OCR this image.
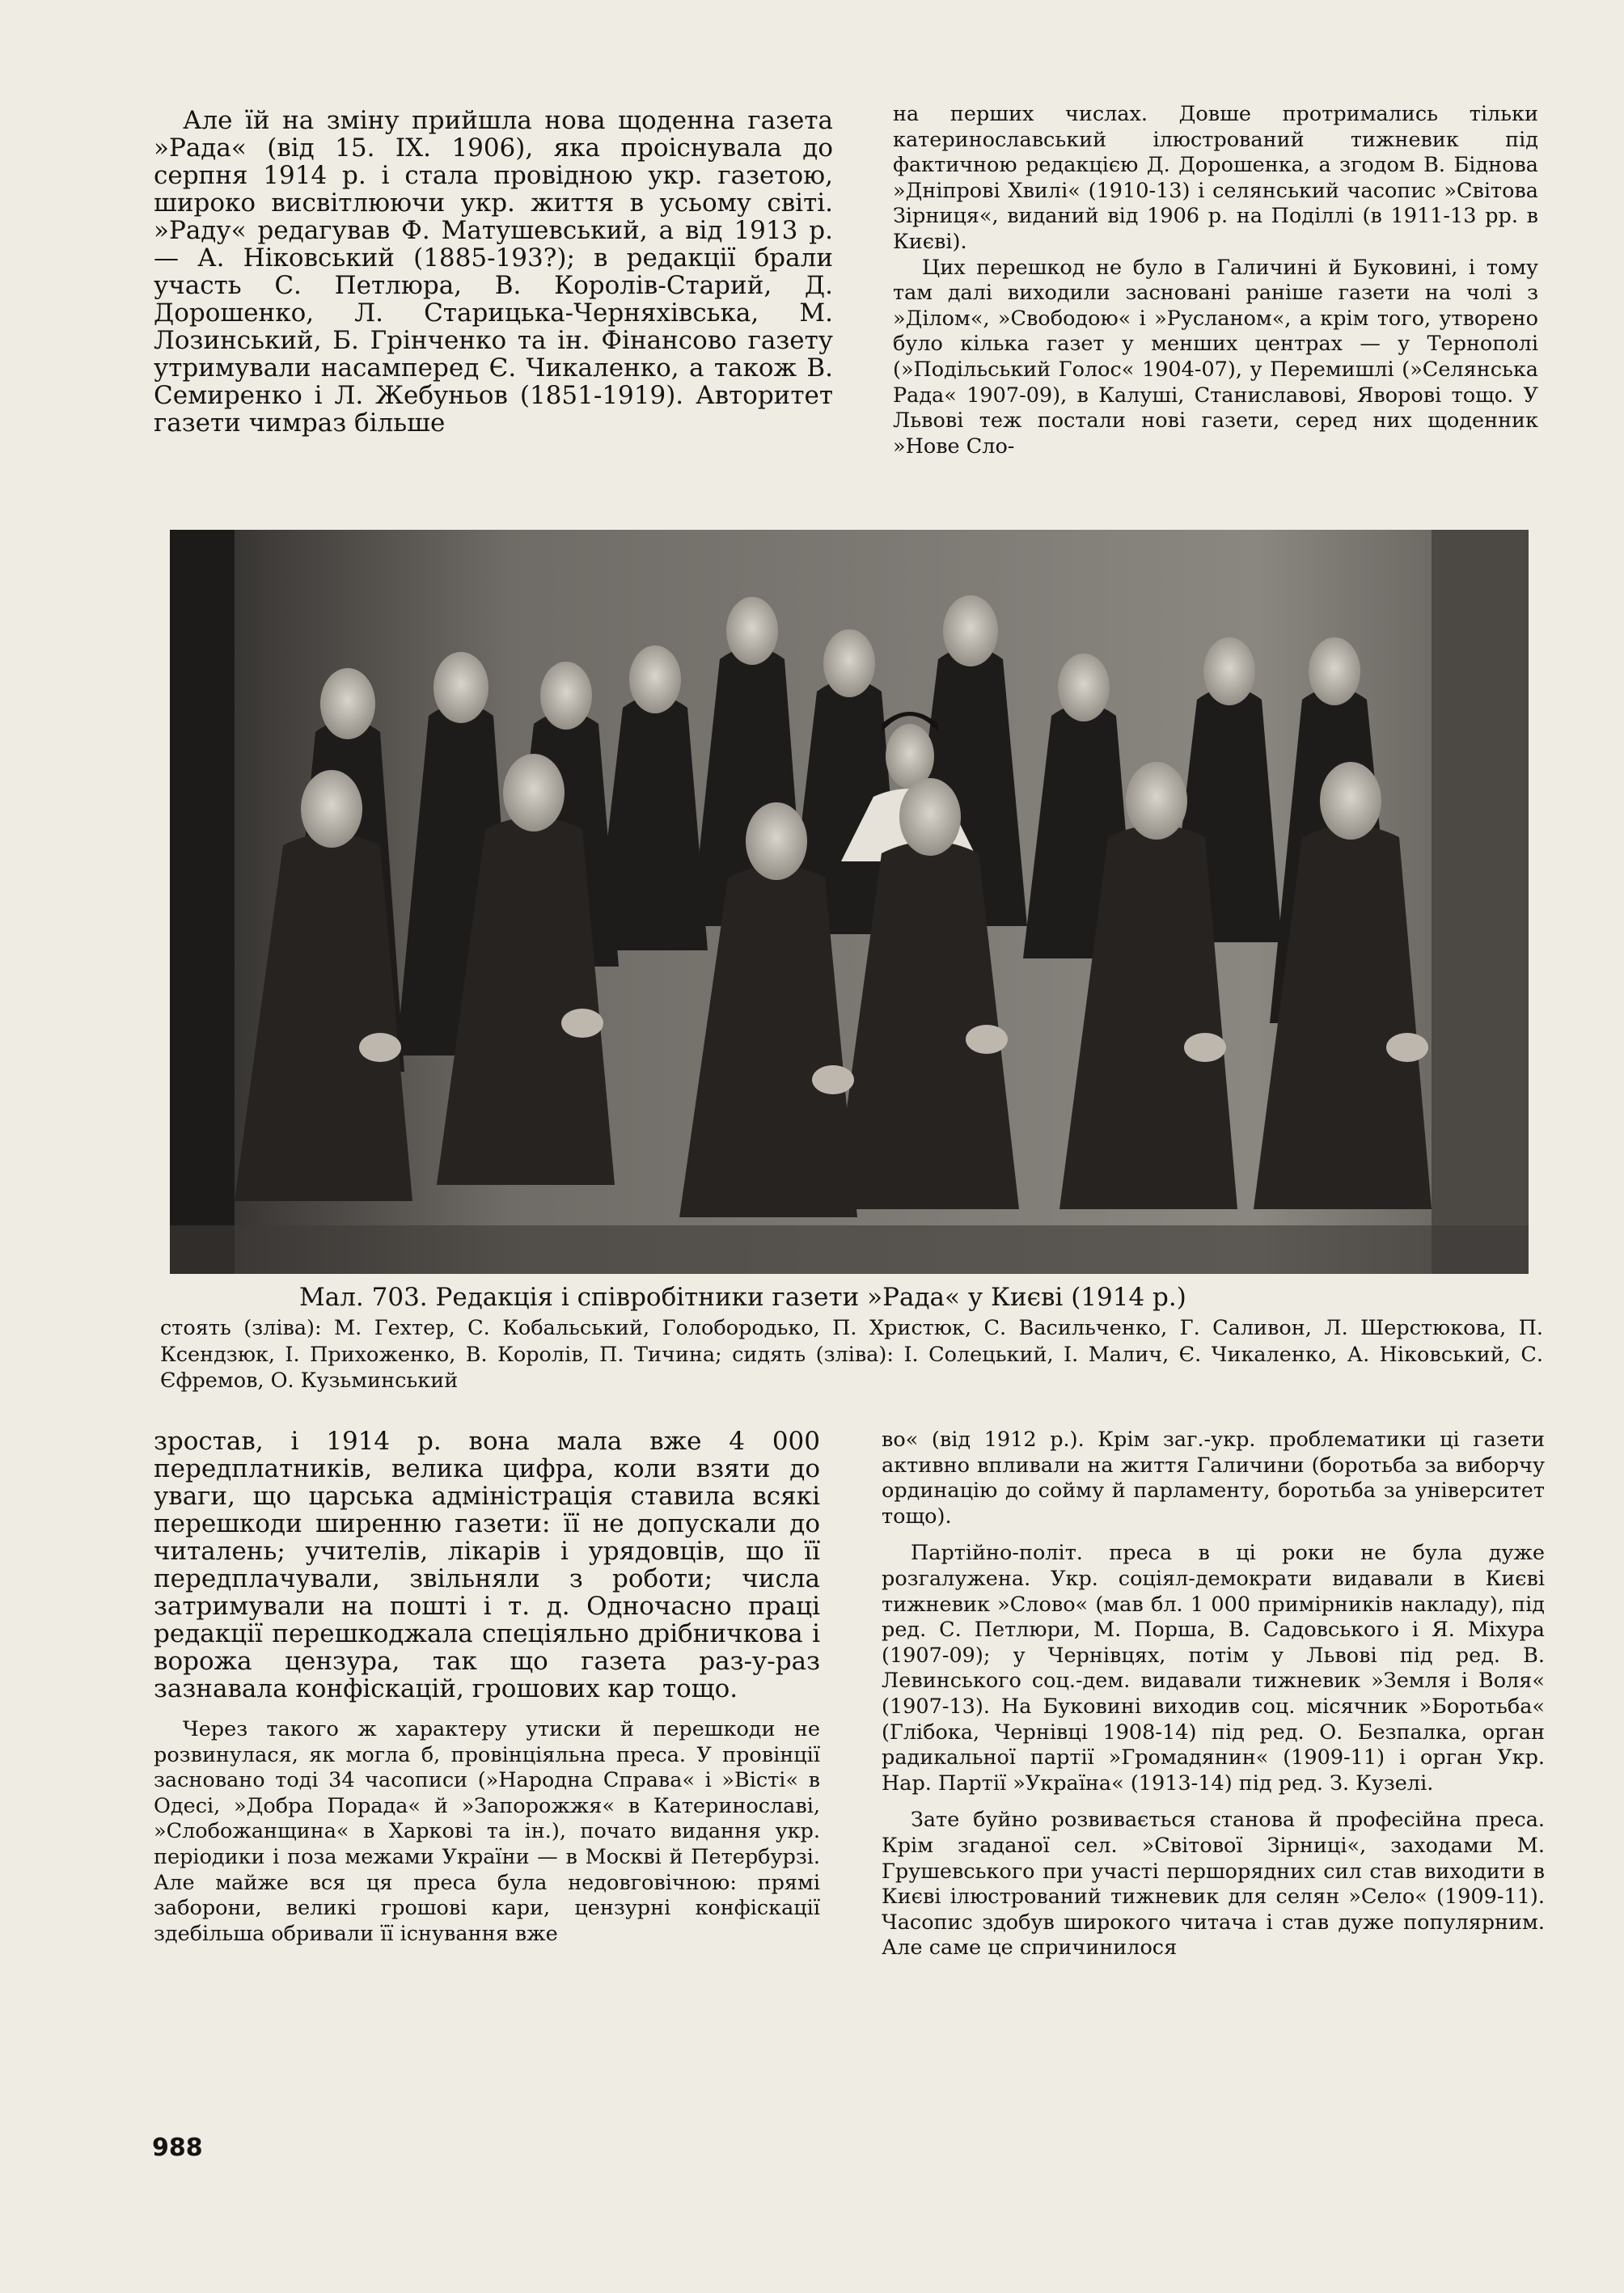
Але їй на зміну прийшла нова щоденна газета »Рада« (від 15. IX. 1906), яка проіснувала до серпня 1914 р. і стала провідною укр. газетою, широко висвітлюючи укр. життя в усьому світі. »Раду« редагував Ф. Матушевський, а від 1913 р. — А. Ніковський (1885-193?); в редакції брали участь С. Петлюра, В. Королів-Старий, Д. Дорошенко, Л. Старицька-Черняхівська, М. Лозинський, Б. Грінченко та ін. Фінансово газету утримували насамперед Є. Чикаленко, а також В. Семиренко і Л. Жебуньов (1851-1919). Авторитет газети чимраз більше

на перших числах. Довше протримались тільки катеринославський ілюстрований тижневик під фактичною редакцією Д. Дорошенка, а згодом В. Біднова »Дніпрові Хвилі« (1910-13) і селянський часопис »Світова Зірниця«, виданий від 1906 р. на Поділлі (в 1911-13 рр. в Києві).

Цих перешкод не було в Галичині й Буковині, і тому там далі виходили засновані раніше газети на чолі з »Ділом«, »Свободою« і »Русланом«, а крім того, утворено було кілька газет у менших центрах — у Тернополі (»Подільський Голос« 1904-07), у Перемишлі (»Селянська Рада« 1907-09), в Калуші, Станиславові, Яворові тощо. У Львові теж постали нові газети, серед них щоденник »Нове Сло-

Мал. 703. Редакція і співробітники газети »Рада« у Києві (1914 р.)

стоять (зліва): М. Гехтер, С. Кобальський, Голобородько, П. Христюк, С. Васильченко, Г. Саливон, Л. Шерстюкова, П. Ксендзюк, І. Прихоженко, В. Королів, П. Тичина; сидять (зліва): І. Солецький, І. Малич, Є. Чикаленко, А. Ніковський, С. Єфремов, О. Кузьминський

зростав, і 1914 р. вона мала вже 4 000 передплатників, велика цифра, коли взяти до уваги, що царська адміністрація ставила всякі перешкоди шиpенню газети: її не допускали до читалень; учителів, лікарів і урядовців, що її передплачували, звільняли з роботи; числа затримували на пошті і т. д. Одночасно праці редакції перешкоджала спеціяльно дрібничкова і ворожа цензура, так що газета раз-у-раз зазнавала конфіскацій, грошових кар тощо.

Через такого ж характеру утиски й перешкоди не розвинулася, як могла б, провінціяльна преса. У провінції засновано тоді 34 часописи (»Народна Справа« і »Вісті« в Одесі, »Добра Порада« й »Запорожжя« в Катеринославі, »Слобожанщина« в Харкові та ін.), почато видання укр. періодики і поза межами України — в Москві й Петербурзі. Але майже вся ця преса була недовговічною: прямі заборони, великі грошові кари, цензурні конфіскації здебільша обривали її існування вже

во« (від 1912 р.). Крім заг.-укр. проблематики ці газети активно впливали на життя Галичини (боротьба за виборчу ординацію до сойму й парламенту, боротьба за університет тощо).

Партійно-політ. преса в ці роки не була дуже розгалужена. Укр. соціял-демократи видавали в Києві тижневик »Слово« (мав бл. 1 000 примірників накладу), під ред. С. Петлюри, М. Порша, В. Садовського і Я. Міхура (1907-09); у Чернівцях, потім у Львові під ред. В. Левинського соц.-дем. видавали тижневик »Земля і Воля« (1907-13). На Буковині виходив соц. місячник »Боротьба« (Глібока, Чернівці 1908-14) під ред. О. Безпалка, орган радикальної партії »Громадянин« (1909-11) і орган Укр. Нар. Партії »Україна« (1913-14) під ред. З. Кузелі.

Зате буйно розвивається станова й професійна преса. Крім згаданої сел. »Світової Зірниці«, заходами М. Грушевського при участі першорядних сил став виходити в Києві ілюстрований тижневик для селян »Село« (1909-11). Часопис здобув широкого читача і став дуже популярним. Але саме це спричинилося

988
